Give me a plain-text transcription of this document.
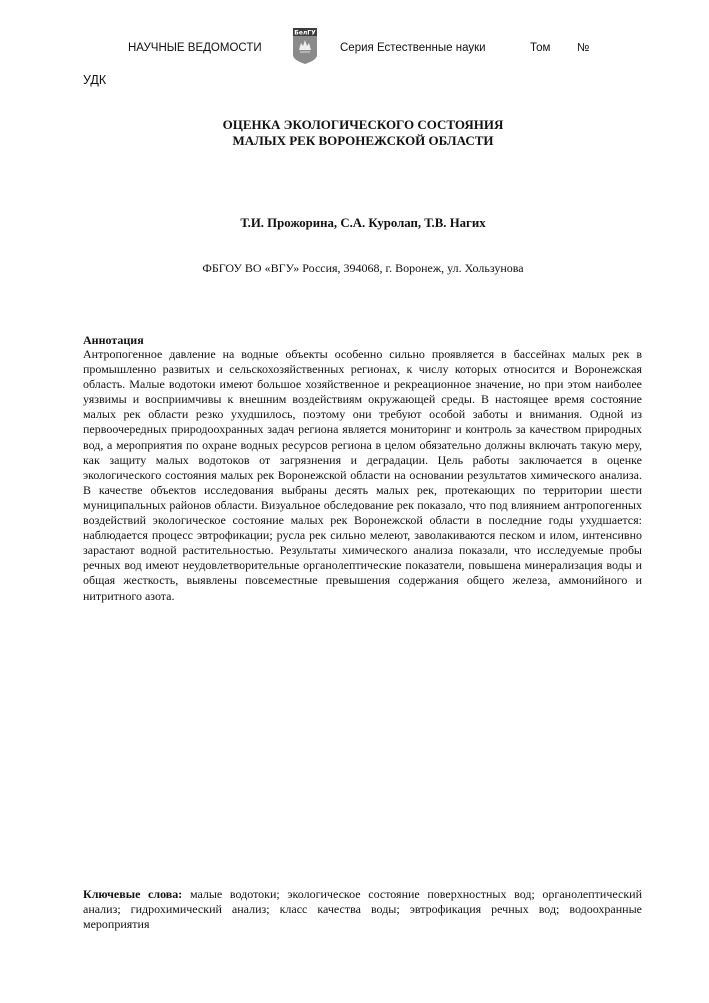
НАУЧНЫЕ ВЕДОМОСТИ
БелГУ
Серия Естественные науки	Том №
УДК
ОЦЕНКА ЭКОЛОГИЧЕСКОГО СОСТОЯНИЯ
МАЛЫХ РЕК ВОРОНЕЖСКОЙ ОБЛАСТИ
Т.И. Прожорина, С.А. Куролап, Т.В. Нагих
ФБГОУ ВО «ВГУ» Россия, 394068, г. Воронеж, ул. Хользунова
Аннотация

Антропогенное давление на водные объекты особенно сильно проявляется в бассейнах малых рек в промышленно развитых и сельскохозяйственных регионах, к числу которых относится и Воронежская область. Малые водотоки имеют большое хозяйственное и рекреационное значение, но при этом наиболее уязвимы и восприимчивы к внешним воздействиям окружающей среды. В настоящее время состояние малых рек области резко ухудшилось, поэтому они требуют особой заботы и внимания. Одной из первоочередных природоохранных задач региона является мониторинг и контроль за качеством природных вод, а мероприятия по охране водных ресурсов региона в целом обязательно должны включать такую меру, как защиту малых водотоков от загрязнения и деградации. Цель работы заключается в оценке экологического состояния малых рек Воронежской области на основании результатов химического анализа. В качестве объектов исследования выбраны десять малых рек, протекающих по территории шести муниципальных районов области. Визуальное обследование рек показало, что под влиянием антропогенных воздействий экологическое состояние малых рек Воронежской области в последние годы ухудшается: наблюдается процесс эвтрофикации; русла рек сильно мелеют, заволакиваются песком и илом, интенсивно зарастают водной растительностью. Результаты химического анализа показали, что исследуемые пробы речных вод имеют неудовлетворительные органолептические показатели, повышена минерализация воды и общая жесткость, выявлены повсеместные превышения содержания общего железа, аммонийного и нитритного азота.

Ключевые слова: малые водотоки; экологическое состояние поверхностных вод; органолептический анализ; гидрохимический анализ; класс качества воды; эвтрофикация речных вод; водоохранные мероприятия
